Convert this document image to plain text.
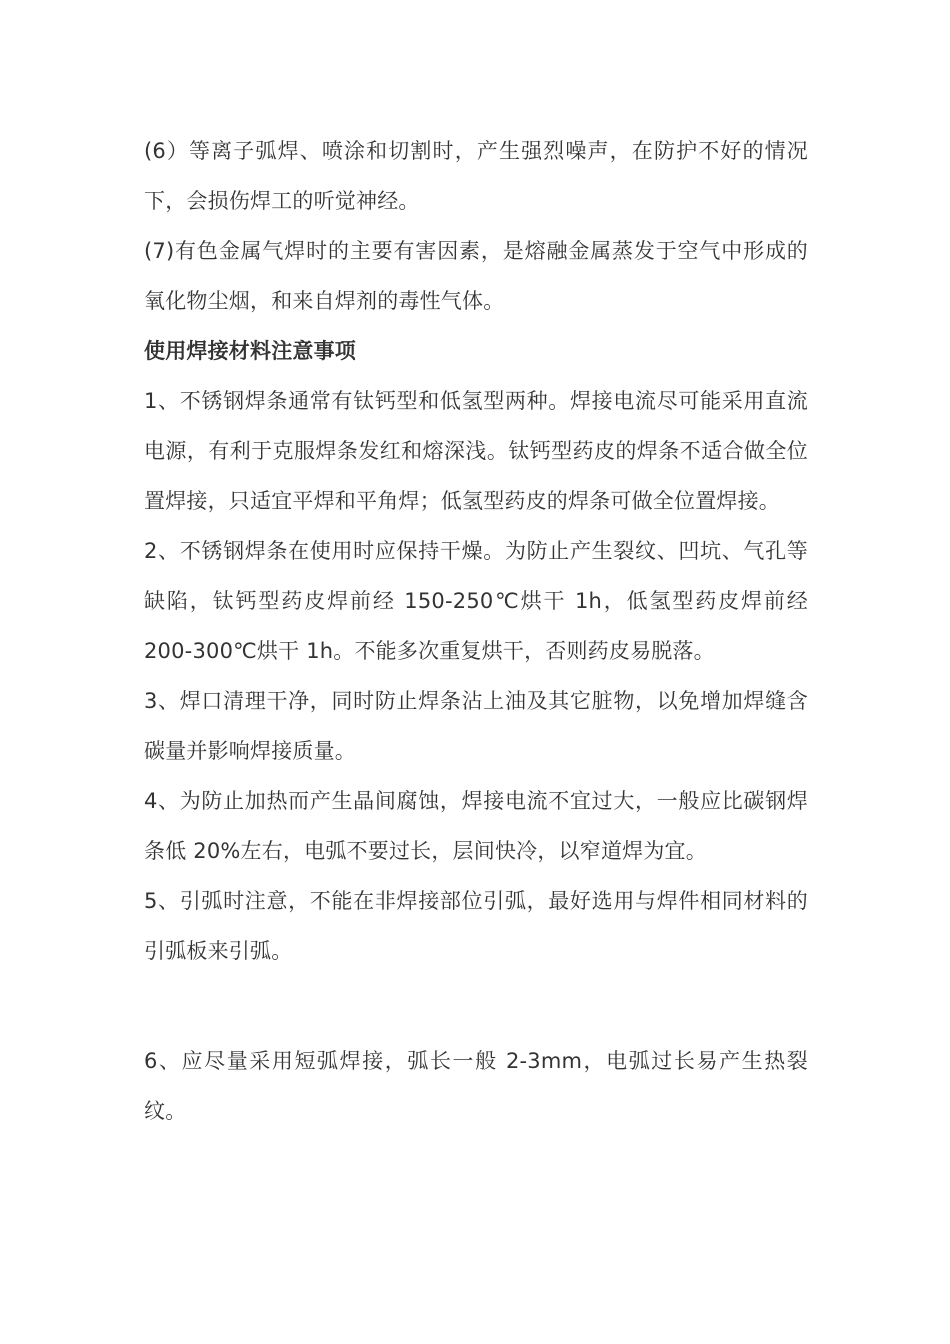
(6）等离子弧焊、喷涂和切割时，产生强烈噪声，在防护不好的情况下，会损伤焊工的听觉神经。

(7)有色金属气焊时的主要有害因素，是熔融金属蒸发于空气中形成的氧化物尘烟，和来自焊剂的毒性气体。

使用焊接材料注意事项

1、不锈钢焊条通常有钛钙型和低氢型两种。焊接电流尽可能采用直流电源，有利于克服焊条发红和熔深浅。钛钙型药皮的焊条不适合做全位置焊接，只适宜平焊和平角焊；低氢型药皮的焊条可做全位置焊接。

2、不锈钢焊条在使用时应保持干燥。为防止产生裂纹、凹坑、气孔等缺陷，钛钙型药皮焊前经 150-250℃烘干 1h，低氢型药皮焊前经 200-300℃烘干 1h。不能多次重复烘干，否则药皮易脱落。

3、焊口清理干净，同时防止焊条沾上油及其它脏物，以免增加焊缝含碳量并影响焊接质量。

4、为防止加热而产生晶间腐蚀，焊接电流不宜过大，一般应比碳钢焊条低 20%左右，电弧不要过长，层间快冷，以窄道焊为宜。

5、引弧时注意，不能在非焊接部位引弧，最好选用与焊件相同材料的引弧板来引弧。

6、应尽量采用短弧焊接，弧长一般 2-3mm，电弧过长易产生热裂纹。
